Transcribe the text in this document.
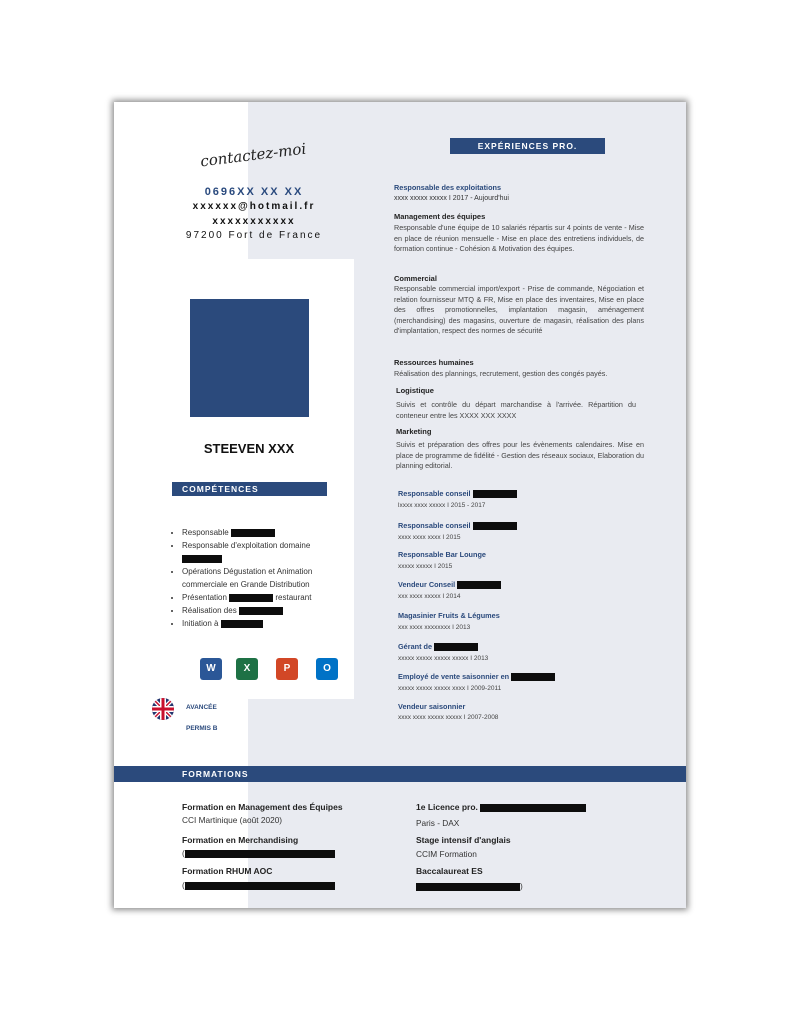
contactez-moi
0696XX XX XX
xxxxxx@hotmail.fr
xxxxxxxxxxx
97200 Fort de France
STEEVEN XXX
COMPÉTENCES
• Responsable
• Responsable d'exploitation domaine

• Opérations Dégustation et Animation commerciale en Grande Distribution
• Présentation	restaurant
• Réalisation des
• Initiation à
W	X	P	O
AVANCÉE
PERMIS B
EXPÉRIENCES PRO.
Responsable des exploitations
xxxx xxxxx xxxxx I 2017 - Aujourd'hui
Management des équipes
Responsable d'une équipe de 10 salariés répartis sur 4 points de vente - Mise en place de réunion mensuelle - Mise en place des entretiens individuels, de formation continue - Cohésion & Motivation des équipes.
Commercial
Responsable commercial import/export - Prise de commande, Négociation et relation fournisseur MTQ & FR, Mise en place des inventaires, Mise en place des offres promotionnelles, implantation magasin, aménagement (merchandising) des magasins, ouverture de magasin, réalisation des plans d'implantation, respect des normes de sécurité
Ressources humaines
Réalisation des plannings, recrutement, gestion des congés payés.
Logistique
Suivis et contrôle du départ marchandise à l'arrivée. Répartition du conteneur entre les XXXX XXX XXXX
Marketing
Suivis et préparation des offres pour les évènements calendaires. Mise en place de programme de fidélité - Gestion des réseaux sociaux, Elaboration du planning editorial.
Responsable conseil
lxxxx xxxx xxxxx I 2015 - 2017
Responsable conseil
xxxx xxxx xxxx I 2015
Responsable Bar Lounge
xxxxx xxxxx I 2015
Vendeur Conseil
xxx xxxx xxxxx I 2014
Magasinier Fruits & Légumes
xxx xxxx xxxxxxxx I 2013
Gérant de
xxxxx xxxxx xxxxx xxxxx I 2013
Employé de vente saisonnier en
xxxxx xxxxx xxxxx xxxx I 2009-2011
Vendeur saisonnier
xxxx xxxx xxxxx xxxxx I 2007-2008
FORMATIONS
Formation en Management des Équipes
CCI Martinique (août 2020)
Formation en Merchandising
(
Formation RHUM AOC
(
1e Licence pro.
Paris - DAX
Stage intensif d'anglais
CCIM Formation
Baccalaureat ES
)
